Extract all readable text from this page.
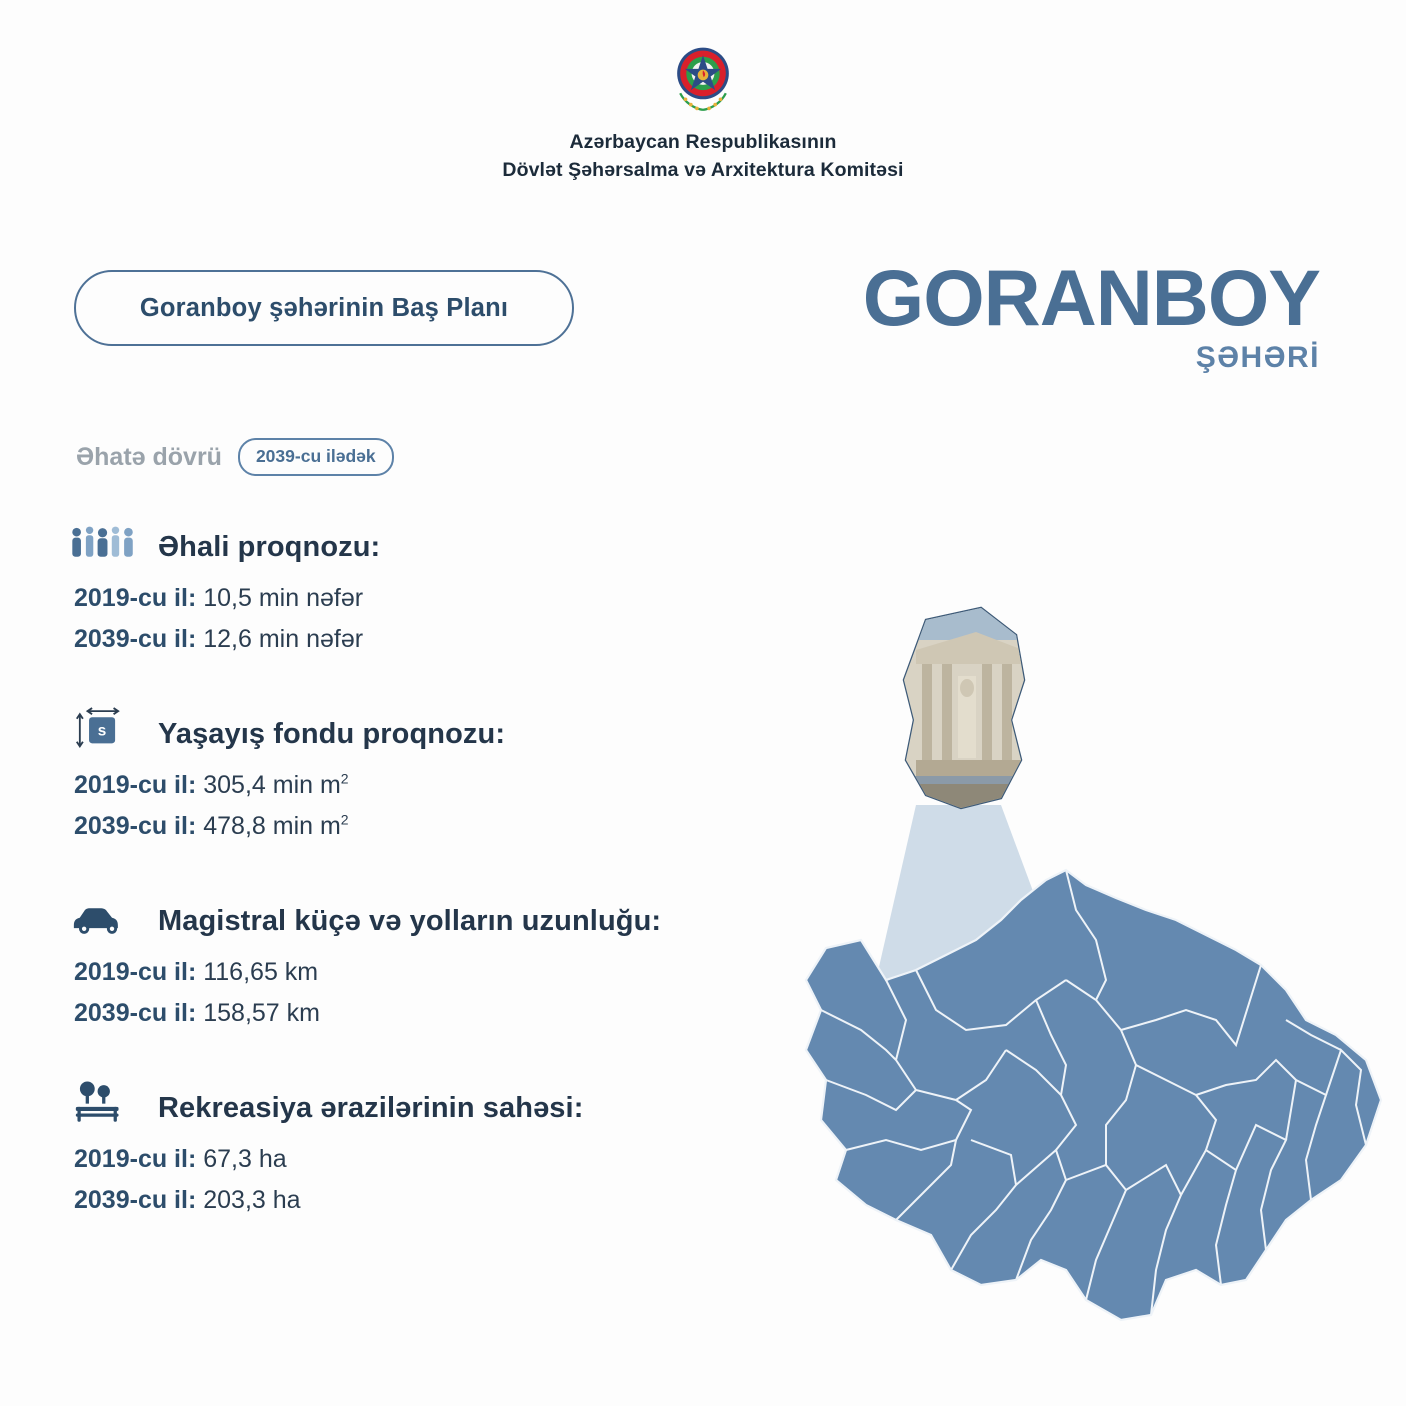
Azərbaycan Respublikasının
Dövlət Şəhərsalma və Arxitektura Komitəsi
Goranboy şəhərinin Baş Planı	GORANBOY
ŞƏHƏRİ
Əhatə dövrü	2039-cu ilədək
Əhali proqnozu:
2019-cu il: 10,5 min nəfər
2039-cu il: 12,6 min nəfər
s Yaşayış fondu proqnozu:
2019-cu il: 305,4 $\min m^2$
2039-cu il: 478,8 $\min m^2$
Magistral küçə və yolların uzunluğu:
2019-cu il: 116,65 km
2039-cu il: 158,57 km
Rekreasiya ərazilərinin sahəsi:
2019-cu il: 67,3 ha
2039-cu il: 203,3 ha
